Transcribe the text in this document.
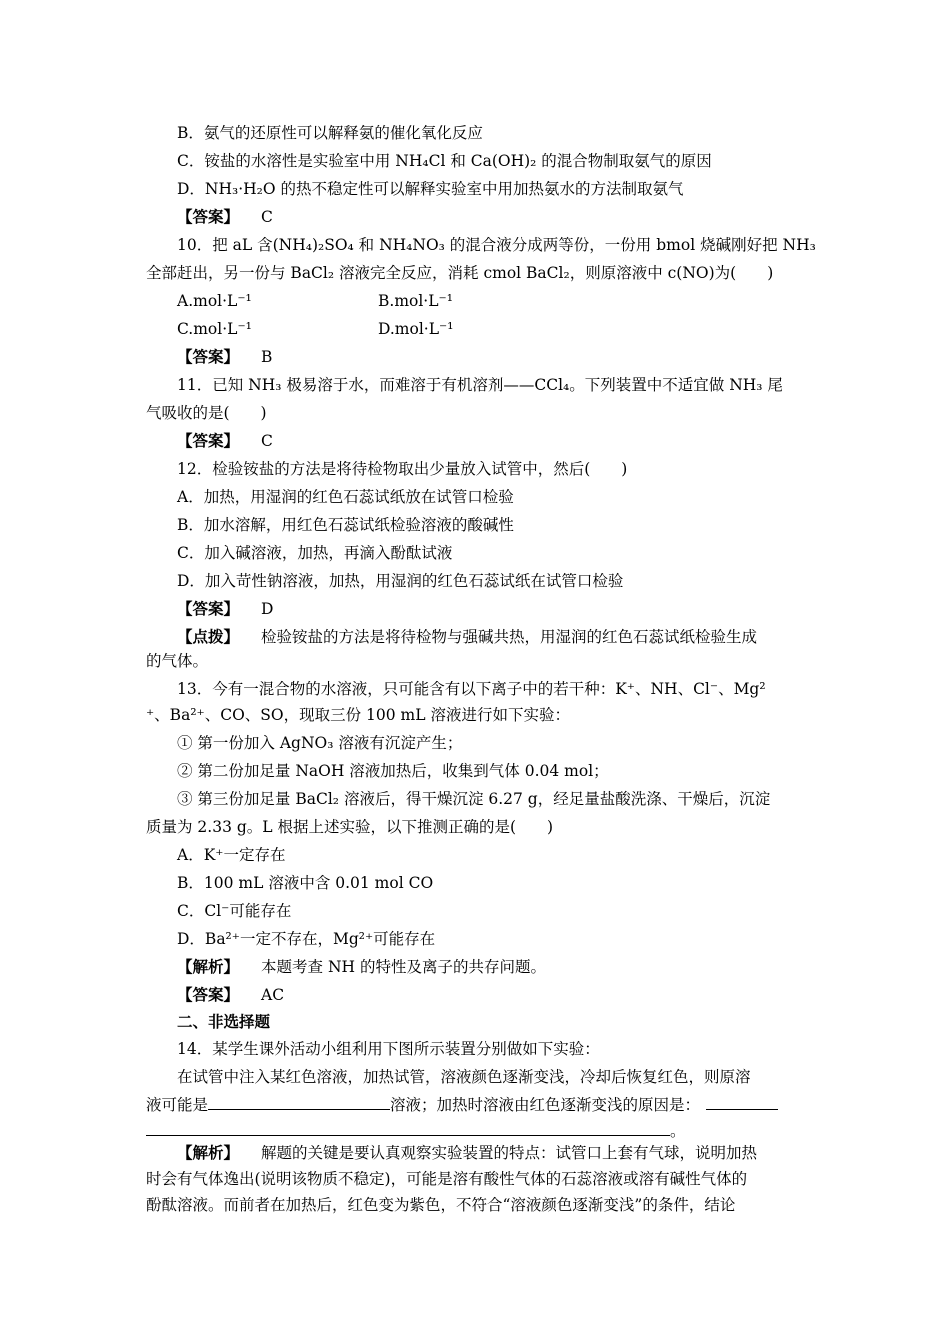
B．氨气的还原性可以解释氨的催化氧化反应
C．铵盐的水溶性是实验室中用 NH₄Cl 和 Ca(OH)₂ 的混合物制取氨气的原因
D．NH₃·H₂O 的热不稳定性可以解释实验室中用加热氨水的方法制取氨气
【答案】 C
10．把 aL 含(NH₄)₂SO₄ 和 NH₄NO₃ 的混合液分成两等份，一份用 bmol 烧碱刚好把 NH₃
全部赶出，另一份与 BaCl₂ 溶液完全反应，消耗 cmol BaCl₂，则原溶液中 c(NO)为(　　)
A.mol·L⁻¹	B.mol·L⁻¹
C.mol·L⁻¹	D.mol·L⁻¹
【答案】 B
11．已知 NH₃ 极易溶于水，而难溶于有机溶剂——CCl₄。下列装置中不适宜做 NH₃ 尾
气吸收的是(　　)
【答案】 C
12．检验铵盐的方法是将待检物取出少量放入试管中，然后(　　)
A．加热，用湿润的红色石蕊试纸放在试管口检验
B．加水溶解，用红色石蕊试纸检验溶液的酸碱性
C．加入碱溶液，加热，再滴入酚酞试液
D．加入苛性钠溶液，加热，用湿润的红色石蕊试纸在试管口检验
【答案】 D
【点拨】 检验铵盐的方法是将待检物与强碱共热，用湿润的红色石蕊试纸检验生成
的气体。
13．今有一混合物的水溶液，只可能含有以下离子中的若干种：K⁺、NH、Cl⁻、Mg²
⁺、Ba²⁺、CO、SO，现取三份 100 mL 溶液进行如下实验：
① 第一份加入 AgNO₃ 溶液有沉淀产生；
② 第二份加足量 NaOH 溶液加热后，收集到气体 0.04 mol；
③ 第三份加足量 BaCl₂ 溶液后，得干燥沉淀 6.27 g，经足量盐酸洗涤、干燥后，沉淀
质量为 2.33 g。L 根据上述实验，以下推测正确的是(　　)
A．K⁺一定存在
B．100 mL 溶液中含 0.01 mol CO
C．Cl⁻可能存在
D．Ba²⁺一定不存在，Mg²⁺可能存在
【解析】 本题考查 NH 的特性及离子的共存问题。
【答案】 AC
二、非选择题
14．某学生课外活动小组利用下图所示装置分别做如下实验：
在试管中注入某红色溶液，加热试管，溶液颜色逐渐变浅，冷却后恢复红色，则原溶
液可能是	溶液；加热时溶液由红色逐渐变浅的原因是：
。
【解析】 解题的关键是要认真观察实验装置的特点：试管口上套有气球，说明加热
时会有气体逸出(说明该物质不稳定)，可能是溶有酸性气体的石蕊溶液或溶有碱性气体的
酚酞溶液。而前者在加热后，红色变为紫色，不符合“溶液颜色逐渐变浅”的条件，结论
